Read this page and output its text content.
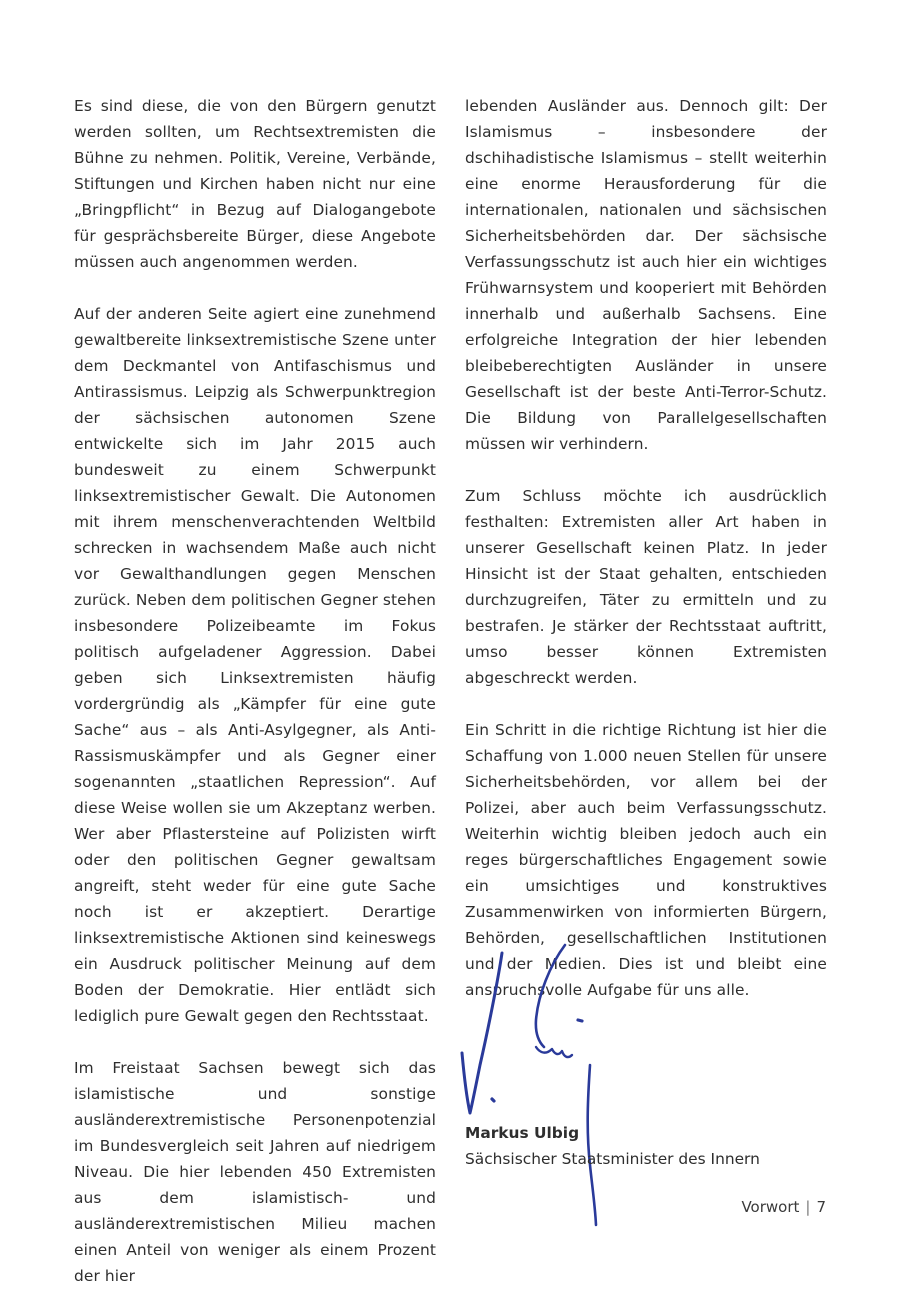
Es sind diese, die von den Bürgern genutzt werden sollten, um Rechtsextremisten die Bühne zu nehmen. Politik, Vereine, Verbände, Stiftungen und Kirchen haben nicht nur eine „Bringpflicht“ in Bezug auf Dialogangebote für gesprächsbereite Bürger, diese Angebote müssen auch angenommen werden.

Auf der anderen Seite agiert eine zunehmend gewaltbereite linksextremistische Szene unter dem Deckmantel von Antifaschismus und Antirassismus. Leipzig als Schwerpunktregion der sächsischen autonomen Szene entwickelte sich im Jahr 2015 auch bundesweit zu einem Schwerpunkt linksextremistischer Gewalt. Die Autonomen mit ihrem menschenverachtenden Weltbild schrecken in wachsendem Maße auch nicht vor Gewalthandlungen gegen Menschen zurück. Neben dem politischen Gegner stehen insbesondere Polizeibeamte im Fokus politisch aufgeladener Aggression. Dabei geben sich Linksextremisten häufig vordergründig als „Kämpfer für eine gute Sache“ aus – als Anti-Asylgegner, als Anti-Rassismuskämpfer und als Gegner einer sogenannten „staatlichen Repression“. Auf diese Weise wollen sie um Akzeptanz werben. Wer aber Pflastersteine auf Polizisten wirft oder den politischen Gegner gewaltsam angreift, steht weder für eine gute Sache noch ist er akzeptiert. Derartige linksextremistische Aktionen sind keineswegs ein Ausdruck politischer Meinung auf dem Boden der Demokratie. Hier entlädt sich lediglich pure Gewalt gegen den Rechtsstaat.

Im Freistaat Sachsen bewegt sich das islamistische und sonstige ausländerextremistische Personenpotenzial im Bundesvergleich seit Jahren auf niedrigem Niveau. Die hier lebenden 450 Extremisten aus dem islamistisch- und ausländerextremistischen Milieu machen einen Anteil von weniger als einem Prozent der hier

lebenden Ausländer aus. Dennoch gilt: Der Islamismus – insbesondere der dschihadistische Islamismus – stellt weiterhin eine enorme Herausforderung für die internationalen, nationalen und sächsischen Sicherheitsbehörden dar. Der sächsische Verfassungsschutz ist auch hier ein wichtiges Frühwarnsystem und kooperiert mit Behörden innerhalb und außerhalb Sachsens. Eine erfolgreiche Integration der hier lebenden bleibeberechtigten Ausländer in unsere Gesellschaft ist der beste Anti-Terror-Schutz. Die Bildung von Parallelgesellschaften müssen wir verhindern.

Zum Schluss möchte ich ausdrücklich festhalten: Extremisten aller Art haben in unserer Gesellschaft keinen Platz. In jeder Hinsicht ist der Staat gehalten, entschieden durchzugreifen, Täter zu ermitteln und zu bestrafen. Je stärker der Rechtsstaat auftritt, umso besser können Extremisten abgeschreckt werden.

Ein Schritt in die richtige Richtung ist hier die Schaffung von 1.000 neuen Stellen für unsere Sicherheitsbehörden, vor allem bei der Polizei, aber auch beim Verfassungsschutz. Weiterhin wichtig bleiben jedoch auch ein reges bürgerschaftliches Engagement sowie ein umsichtiges und konstruktives Zusammenwirken von informierten Bürgern, Behörden, gesellschaftlichen Institutionen und der Medien. Dies ist und bleibt eine anspruchsvolle Aufgabe für uns alle.

Markus Ulbig
Sächsischer Staatsminister des Innern
Vorwort | 7
